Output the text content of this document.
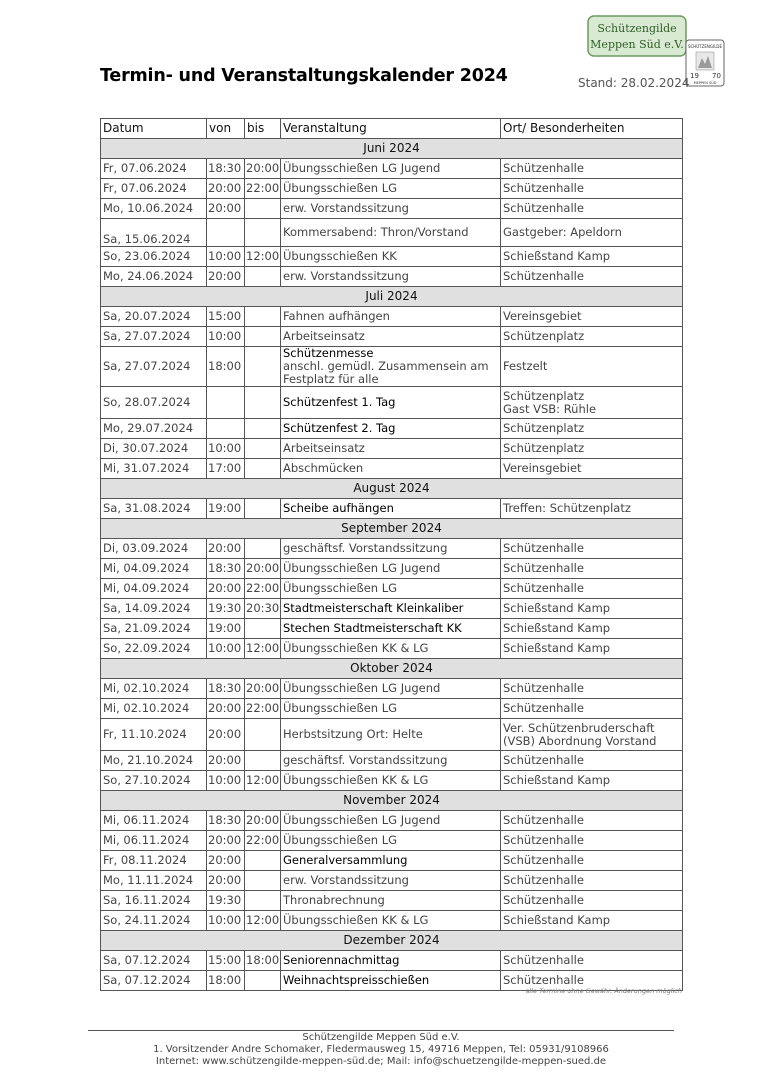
Schützengilde
Meppen Süd e.V. SCHÜTZENGILDE
19 70
MEPPEN SÜD
Termin- und Veranstaltungskalender 2024	Stand: 28.02.2024
Datum	von	bis	Veranstaltung	Ort/ Besonderheiten
Juni 2024				
Fr, 07.06.2024	18:30	20:00	Übungsschießen LG Jugend	Schützenhalle
Fr, 07.06.2024	20:00	22:00	Übungsschießen LG	Schützenhalle
Mo, 10.06.2024	20:00		erw. Vorstandssitzung	Schützenhalle
Sa, 15.06.2024			Kommersabend: Thron/Vorstand	Gastgeber: Apeldorn
So, 23.06.2024	10:00	12:00	Übungsschießen KK	Schießstand Kamp
Mo, 24.06.2024	20:00		erw. Vorstandssitzung	Schützenhalle
Juli 2024				
Sa, 20.07.2024	15:00		Fahnen aufhängen	Vereinsgebiet
Sa, 27.07.2024	10:00		Arbeitseinsatz	Schützenplatz
Sa, 27.07.2024	18:00		Schützenmesse
anschl. gemüdl. Zusammensein am Festplatz für alle	Festzelt
So, 28.07.2024			Schützenfest 1. Tag	Schützenplatz
Gast VSB: Rühle

Mo, 29.07.2024			Schützenfest 2. Tag	Schützenplatz
Di, 30.07.2024	10:00		Arbeitseinsatz	Schützenplatz
Mi, 31.07.2024	17:00		Abschmücken	Vereinsgebiet
August 2024				
Sa, 31.08.2024	19:00		Scheibe aufhängen	Treffen: Schützenplatz
September 2024				
Di, 03.09.2024	20:00		geschäftsf. Vorstandssitzung	Schützenhalle
Mi, 04.09.2024	18:30	20:00	Übungsschießen LG Jugend	Schützenhalle
Mi, 04.09.2024	20:00	22:00	Übungsschießen LG	Schützenhalle
Sa, 14.09.2024	19:30	20:30	Stadtmeisterschaft Kleinkaliber	Schießstand Kamp
Sa, 21.09.2024	19:00		Stechen Stadtmeisterschaft KK	Schießstand Kamp
So, 22.09.2024	10:00	12:00	Übungsschießen KK & LG	Schießstand Kamp
Oktober 2024				
Mi, 02.10.2024	18:30	20:00	Übungsschießen LG Jugend	Schützenhalle
Mi, 02.10.2024	20:00	22:00	Übungsschießen LG	Schützenhalle
Fr, 11.10.2024	20:00		Herbstsitzung Ort: Helte	Ver. Schützenbruderschaft
(VSB) Abordnung Vorstand

Mo, 21.10.2024	20:00		geschäftsf. Vorstandssitzung	Schützenhalle
So, 27.10.2024	10:00	12:00	Übungsschießen KK & LG	Schießstand Kamp
November 2024				
Mi, 06.11.2024	18:30	20:00	Übungsschießen LG Jugend	Schützenhalle
Mi, 06.11.2024	20:00	22:00	Übungsschießen LG	Schützenhalle
Fr, 08.11.2024	20:00		Generalversammlung	Schützenhalle
Mo, 11.11.2024	20:00		erw. Vorstandssitzung	Schützenhalle
Sa, 16.11.2024	19:30		Thronabrechnung	Schützenhalle
So, 24.11.2024	10:00	12:00	Übungsschießen KK & LG	Schießstand Kamp
Dezember 2024				
Sa, 07.12.2024	15:00	18:00	Seniorennachmittag	Schützenhalle
Sa, 07.12.2024	18:00		Weihnachtspreisschießen	Schützenhalle
alle Termine ohne Gewähr, Änderungen möglich
Schützengilde Meppen Süd e.V.
1. Vorsitzender Andre Schomaker, Fledermausweg 15, 49716 Meppen, Tel: 05931/9108966
Internet: www.schützengilde-meppen-süd.de; Mail: info@schuetzengilde-meppen-sued.de
